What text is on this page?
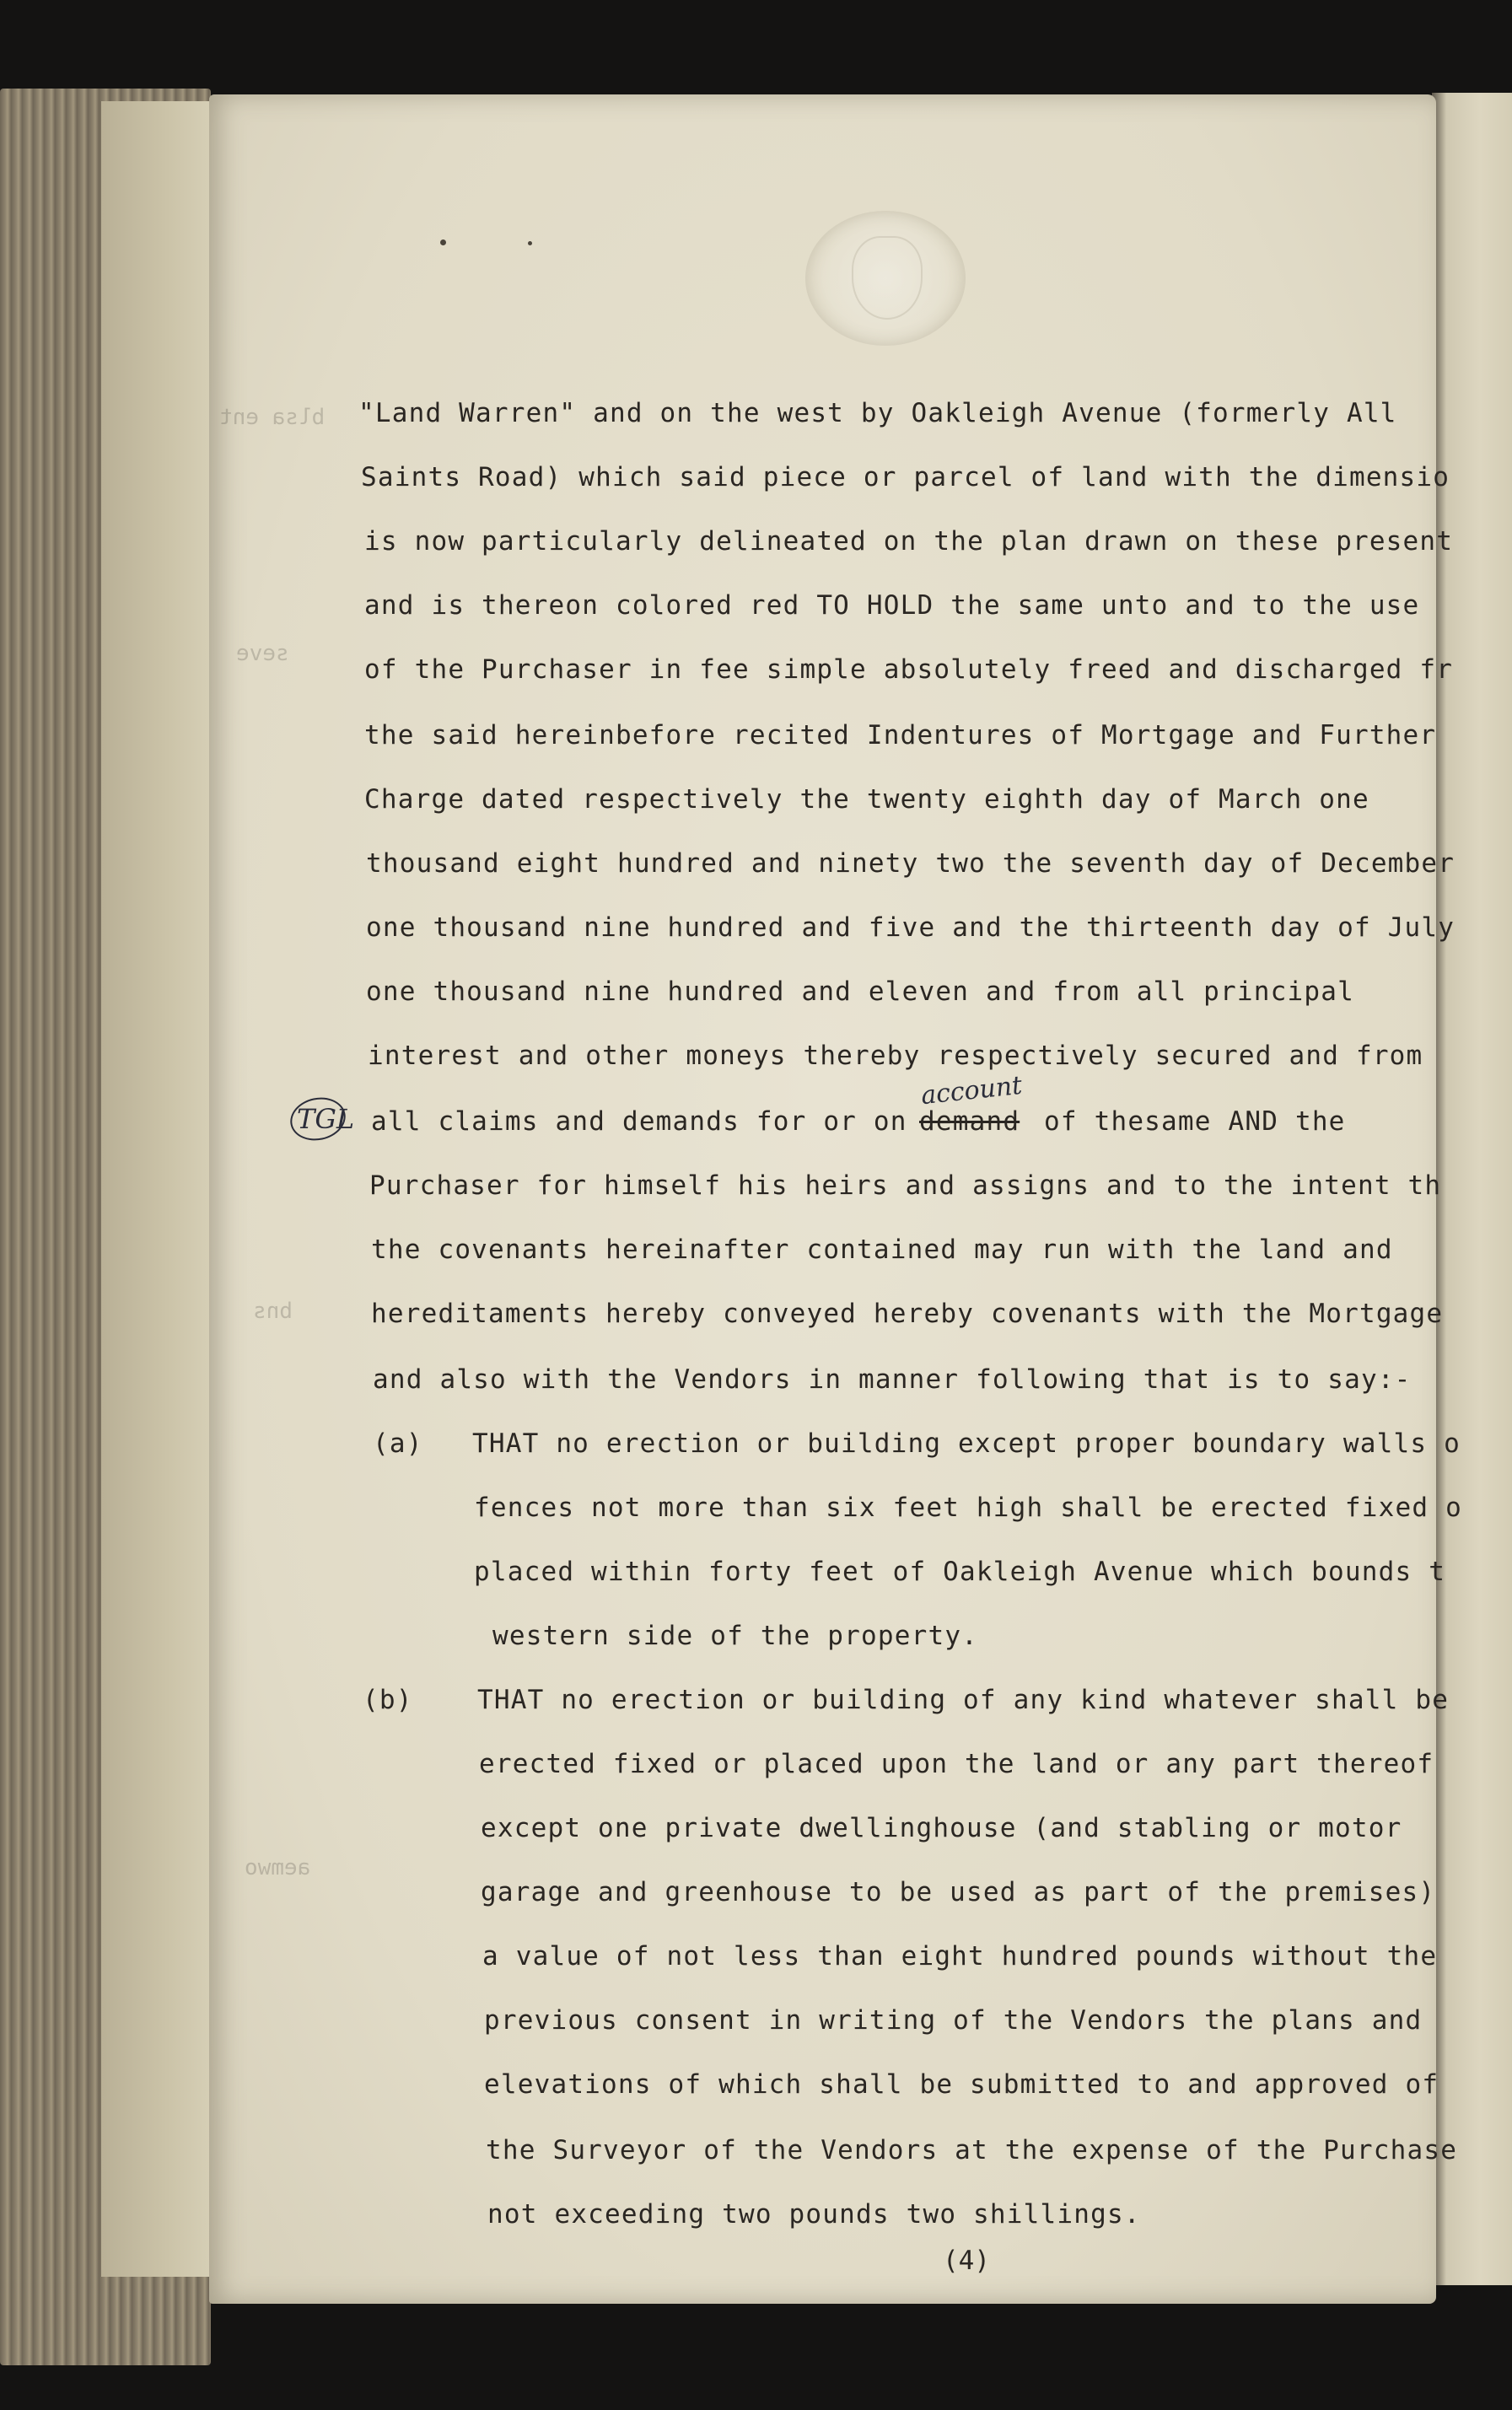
blsa ent
seve
bns
aemwo
"Land Warren" and on the west by Oakleigh Avenue (formerly All
Saints Road) which said piece or parcel of land with the dimensio
is now particularly delineated on the plan drawn on these present
and is thereon colored red TO HOLD the same unto and to the use
of the Purchaser in fee simple absolutely freed and discharged fr
the said hereinbefore recited Indentures of Mortgage and Further
Charge dated respectively the twenty eighth day of March one
thousand eight hundred and ninety two the seventh day of December
one thousand nine hundred and five and the thirteenth day of July
one thousand nine hundred and eleven and from all principal
interest and other moneys thereby respectively secured and from
TGL all claims and demands for or on
account
demand of thesame AND the
Purchaser for himself his heirs and assigns and to the intent th
the covenants hereinafter contained may run with the land and
hereditaments hereby conveyed hereby covenants with the Mortgage
and also with the Vendors in manner following that is to say:-
(a) THAT no erection or building except proper boundary walls o
fences not more than six feet high shall be erected fixed o
placed within forty feet of Oakleigh Avenue which bounds t
western side of the property.
(b) THAT no erection or building of any kind whatever shall be
erected fixed or placed upon the land or any part thereof
except one private dwellinghouse (and stabling or motor
garage and greenhouse to be used as part of the premises)
a value of not less than eight hundred pounds without the
previous consent in writing of the Vendors the plans and
elevations of which shall be submitted to and approved of
the Surveyor of the Vendors at the expense of the Purchase
not exceeding two pounds two shillings.
(4)
